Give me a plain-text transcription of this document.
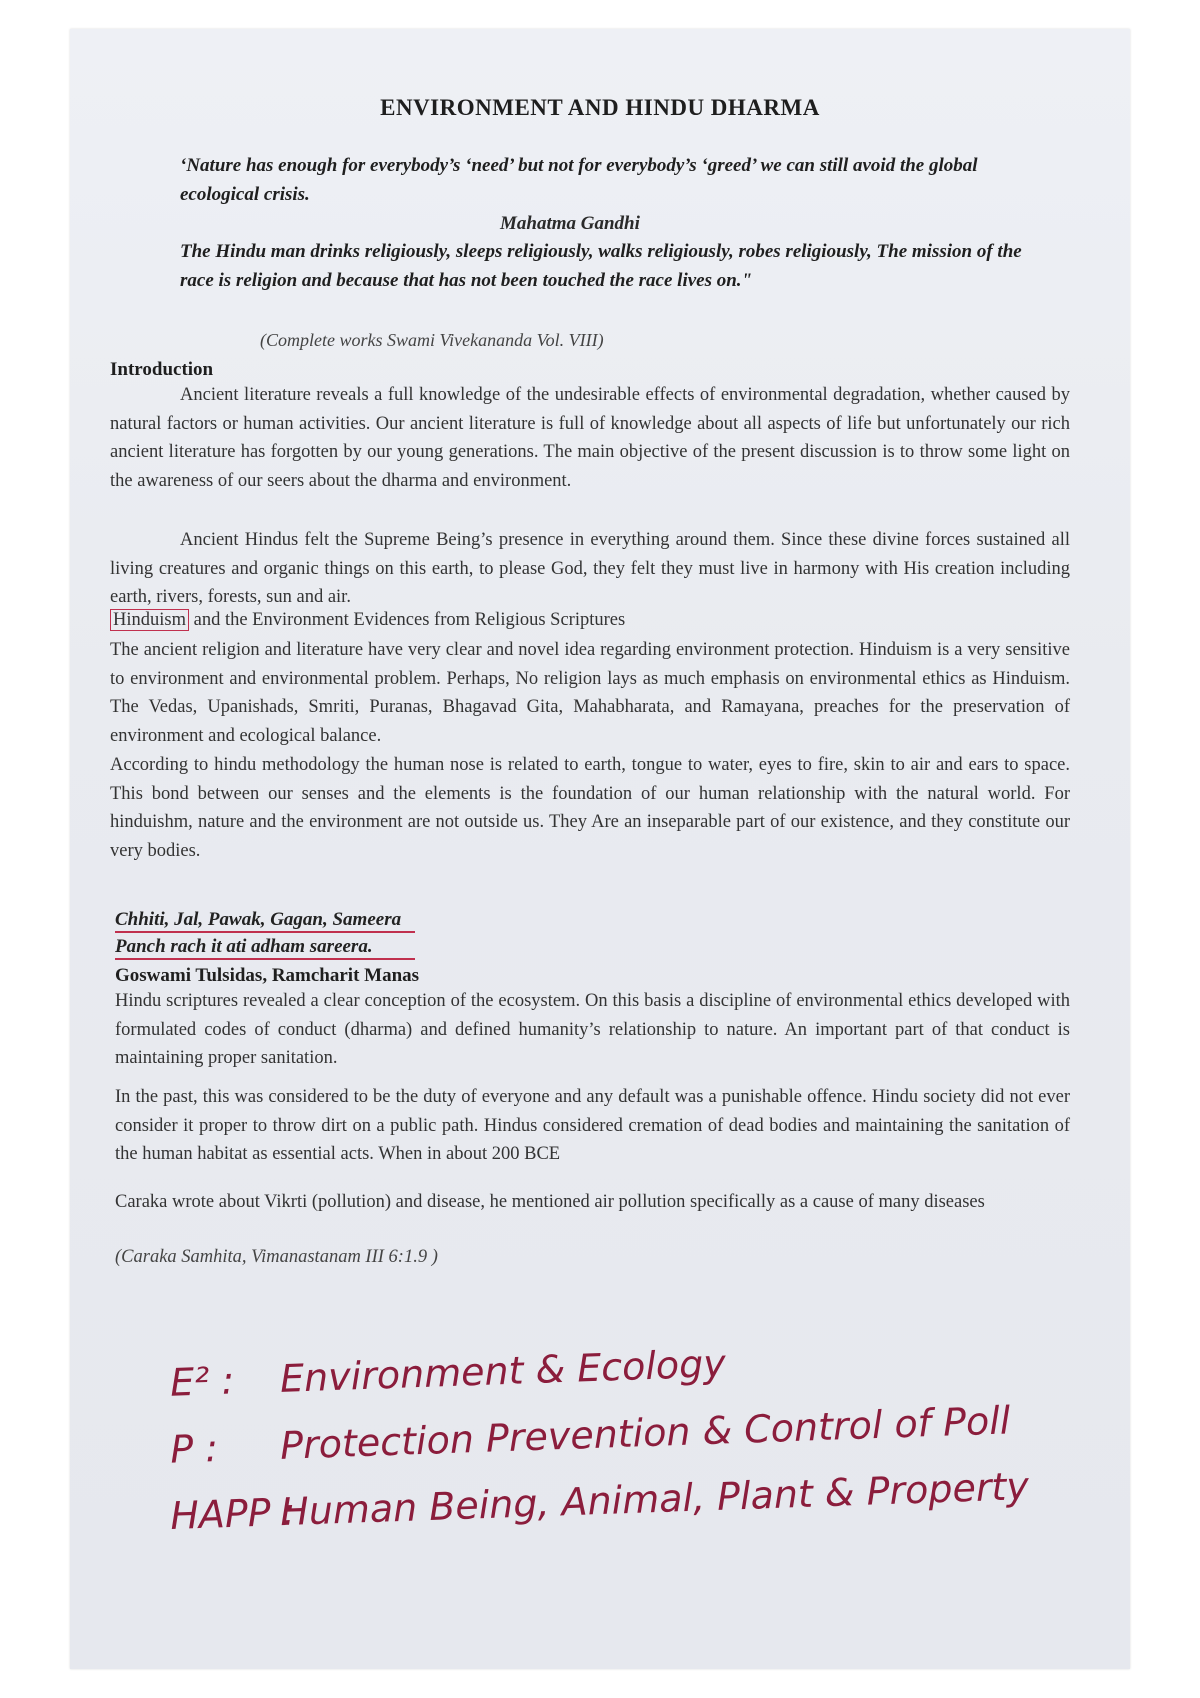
ENVIRONMENT AND HINDU DHARMA
‘Nature has enough for everybody’s ‘need’ but not for everybody’s ‘greed’ we can still avoid the global ecological crisis.
Mahatma Gandhi
The Hindu man drinks religiously, sleeps religiously, walks religiously, robes religiously, The mission of the race is religion and because that has not been touched the race lives on."
(Complete works Swami Vivekananda Vol. VIII)
Introduction
Ancient literature reveals a full knowledge of the undesirable effects of environmental degradation, whether caused by natural factors or human activities. Our ancient literature is full of knowledge about all aspects of life but unfortunately our rich ancient literature has forgotten by our young generations. The main objective of the present discussion is to throw some light on the awareness of our seers about the dharma and environment.
Ancient Hindus felt the Supreme Being’s presence in everything around them. Since these divine forces sustained all living creatures and organic things on this earth, to please God, they felt they must live in harmony with His creation including earth, rivers, forests, sun and air.
Hinduism and the Environment Evidences from Religious Scriptures
The ancient religion and literature have very clear and novel idea regarding environment protection. Hinduism is a very sensitive to environment and environmental problem. Perhaps, No religion lays as much emphasis on environmental ethics as Hinduism. The Vedas, Upanishads, Smriti, Puranas, Bhagavad Gita, Mahabharata, and Ramayana, preaches for the preservation of environment and ecological balance.
According to hindu methodology the human nose is related to earth, tongue to water, eyes to fire, skin to air and ears to space. This bond between our senses and the elements is the foundation of our human relationship with the natural world. For hinduishm, nature and the environment are not outside us. They Are an inseparable part of our existence, and they constitute our very bodies.
Chhiti, Jal, Pawak, Gagan, Sameera
Panch rach it ati adham sareera.
Goswami Tulsidas, Ramcharit Manas
Hindu scriptures revealed a clear conception of the ecosystem. On this basis a discipline of environmental ethics developed with formulated codes of conduct (dharma) and defined humanity’s relationship to nature. An important part of that conduct is maintaining proper sanitation.
In the past, this was considered to be the duty of everyone and any default was a punishable offence. Hindu society did not ever consider it proper to throw dirt on a public path. Hindus considered cremation of dead bodies and maintaining the sanitation of the human habitat as essential acts. When in about 200 BCE
Caraka wrote about Vikrti (pollution) and disease, he mentioned air pollution specifically as a cause of many diseases
(Caraka Samhita, Vimanastanam III 6:1.9 )
E² : Environment & Ecology
P : Protection Prevention & Control of Poll
HAPP :Human Being, Animal, Plant & Property
